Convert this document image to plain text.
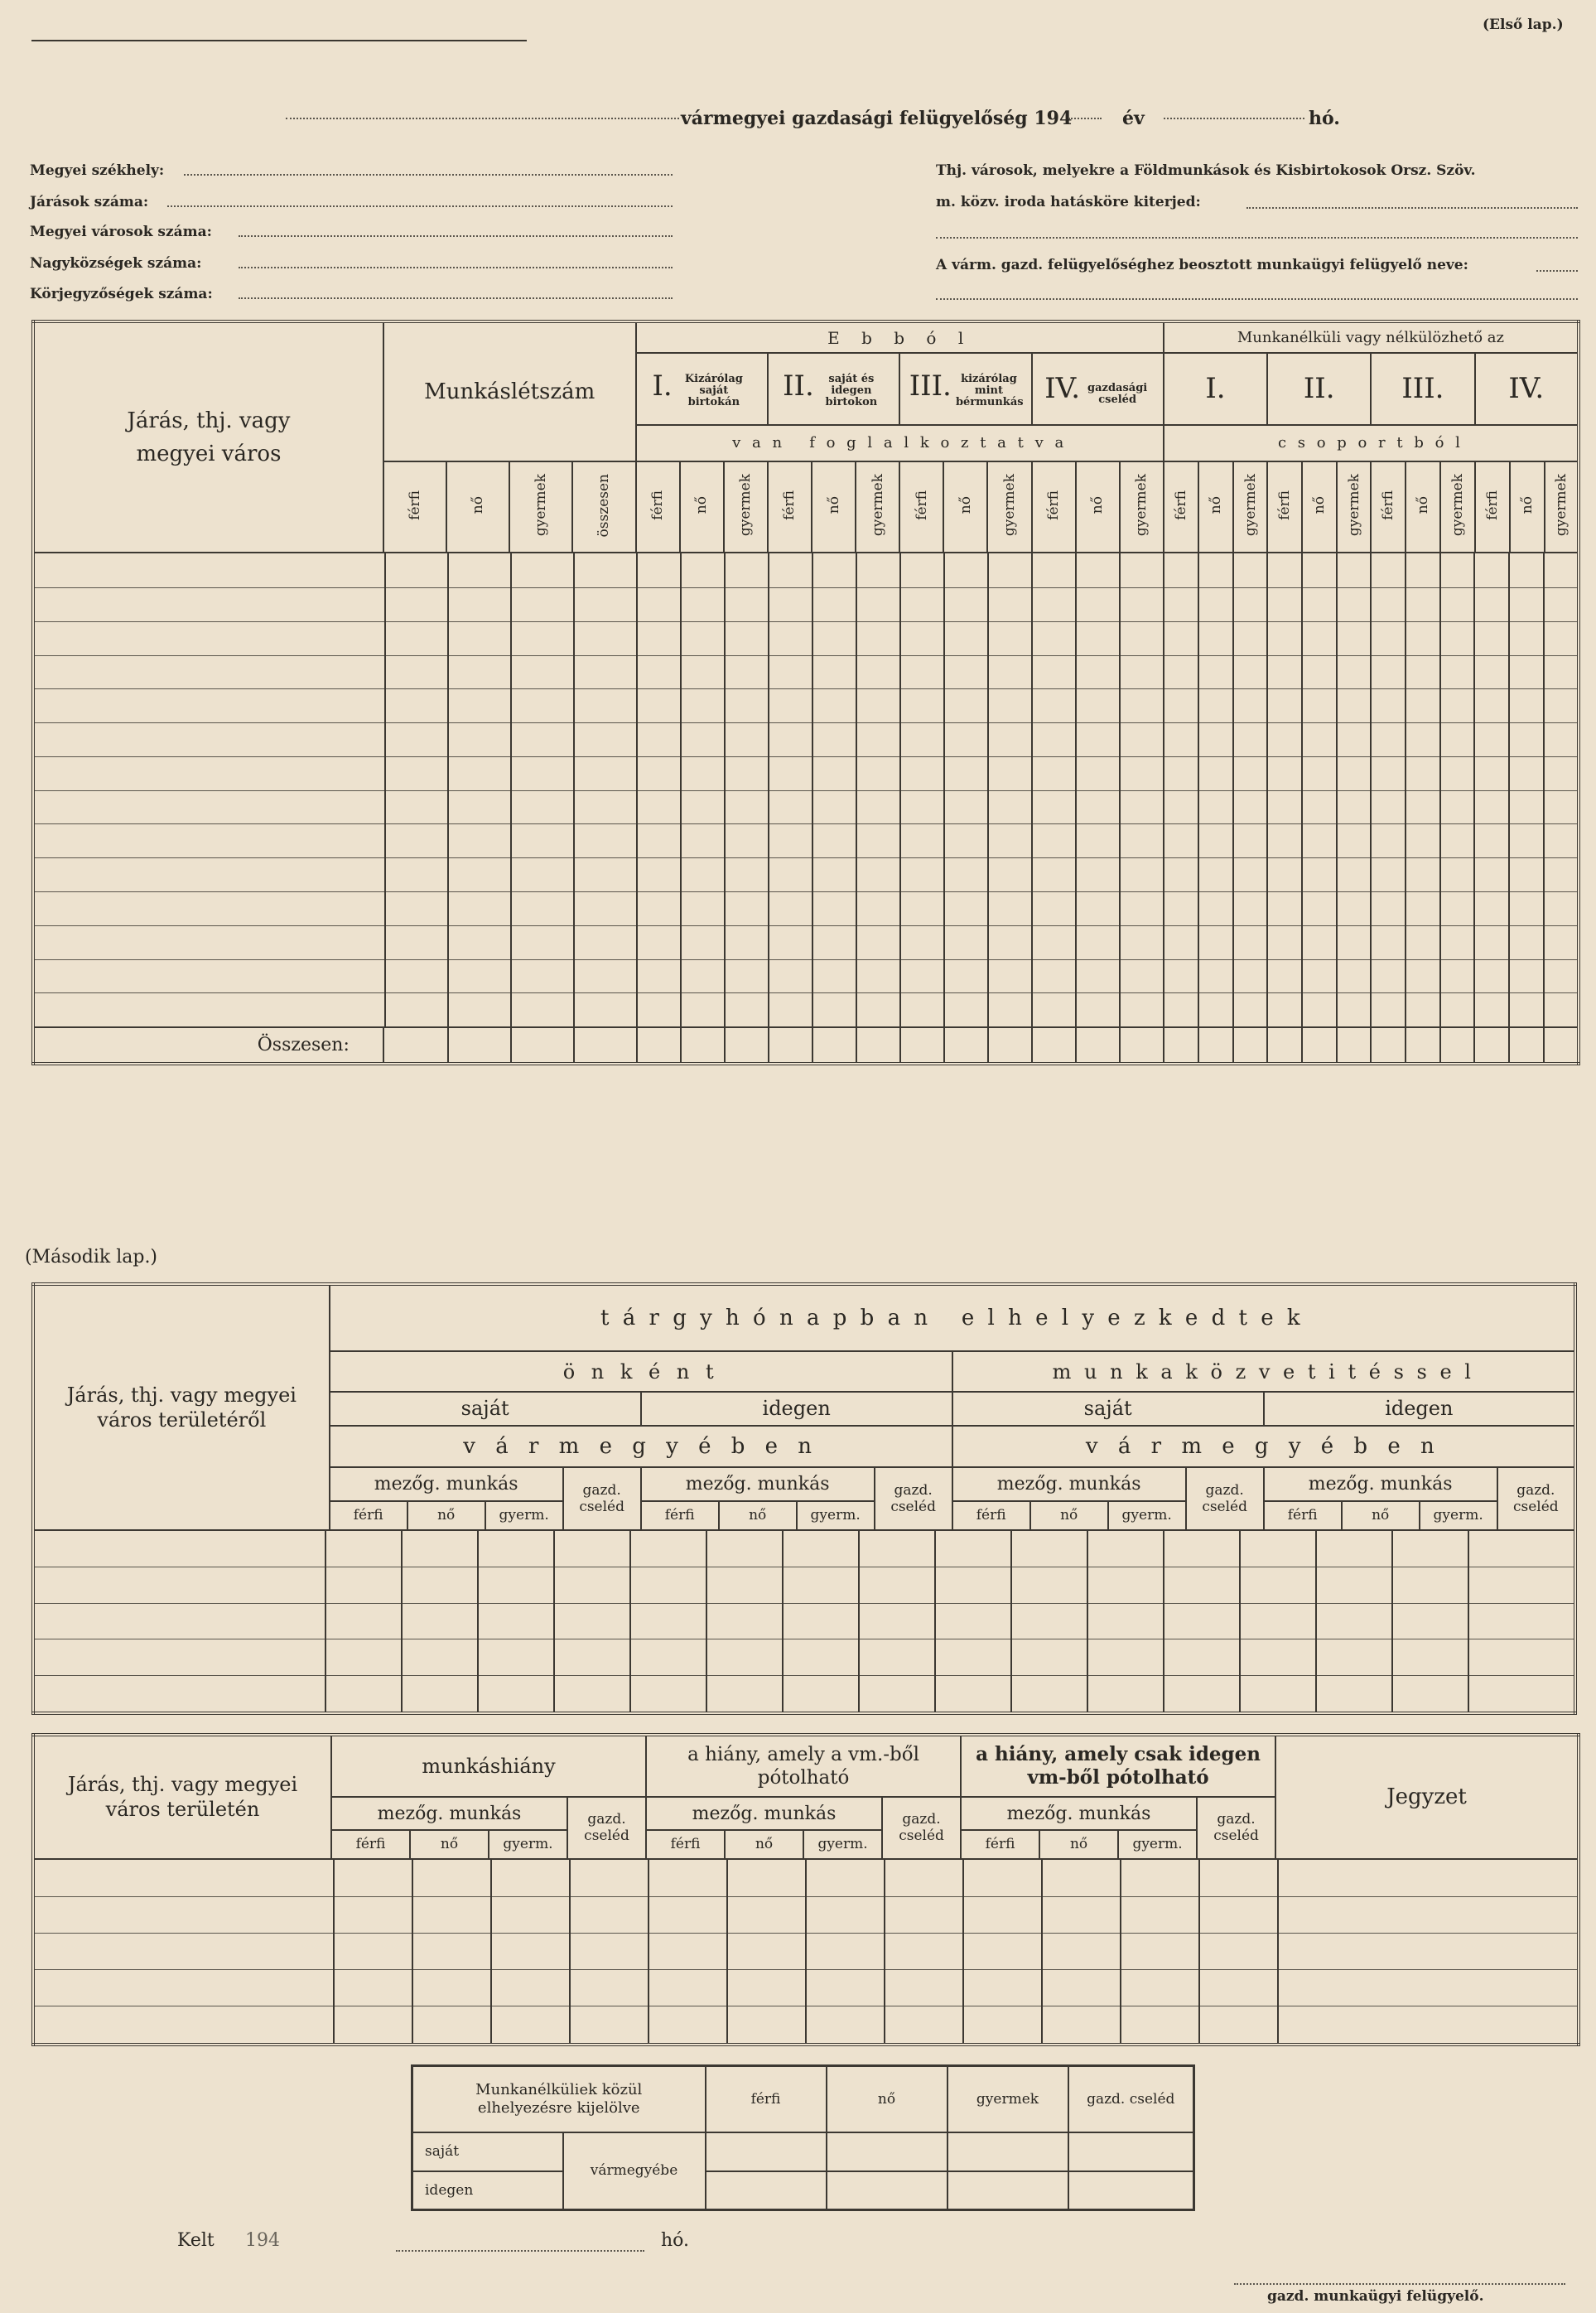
(Első lap.)
vármegyei gazdasági felügyelőség 194	év	hó.
Megyei székhely:
Járások száma:
Megyei városok száma:
Nagyközségek száma:
Körjegyzőségek száma:
Thj. városok, melyekre a Földmunkások és Kisbirtokosok Orsz. Szöv.
m. közv. iroda hatásköre kiterjed:
A várm. gazd. felügyelőséghez beosztott munkaügyi felügyelő neve:
Járás, thj. vagy megyei város	Munkáslétszám				E b b ó l												Munkanélküli vagy nélkülözhető az											
					I. Kizárólag saját birtokán			II. saját és idegen birtokon			III. kizárólag mint bérmunkás			IV. gazdasági cseléd			I.			II.			III.			IV.		
					v a n   f o g l a l k o z t a t v a												c s o p o r t b ó l											
	férfi	nő	gyermek	összesen	férfi	nő	gyermek	férfi	nő	gyermek	férfi	nő	gyermek	férfi	nő	gyermek	férfi	nő	gyermek	férfi	nő	gyermek	férfi	nő	gyermek	férfi	nő	gyermek

Összesen:																												
(Második lap.)
Járás, thj. vagy megyei város területéről	t á r g y h ó n a p b a n   e l h e l y e z k e d t e k															
	ö n k é n t								m u n k a k ö z v e t i t é s s e l							
	saját				idegen				saját				idegen			
	v á r m e g y é b e n								v á r m e g y é b e n							
	mezőg. munkás			gazd. cseléd	mezőg. munkás			gazd. cseléd	mezőg. munkás			gazd. cseléd	mezőg. munkás			gazd. cseléd
	férfi	nő	gyerm.		férfi	nő	gyerm.		férfi	nő	gyerm.		férfi	nő	gyerm.	

Járás, thj. vagy megyei város területén	munkáshiány				a hiány, amely a vm.-ből pótolható				a hiány, amely csak idegen vm-ből pótolható				Jegyzet
	mezőg. munkás			gazd. cseléd	mezőg. munkás			gazd. cseléd	mezőg. munkás			gazd. cseléd	
	férfi	nő	gyerm.		férfi	nő	gyerm.		férfi	nő	gyerm.		

Munkanélküliek közül elhelyezésre kijelölve		férfi	nő	gyermek	gazd. cseléd
saját	vármegyébe				
idegen					
Kelt 194	hó.
gazd. munkaügyi felügyelő.
